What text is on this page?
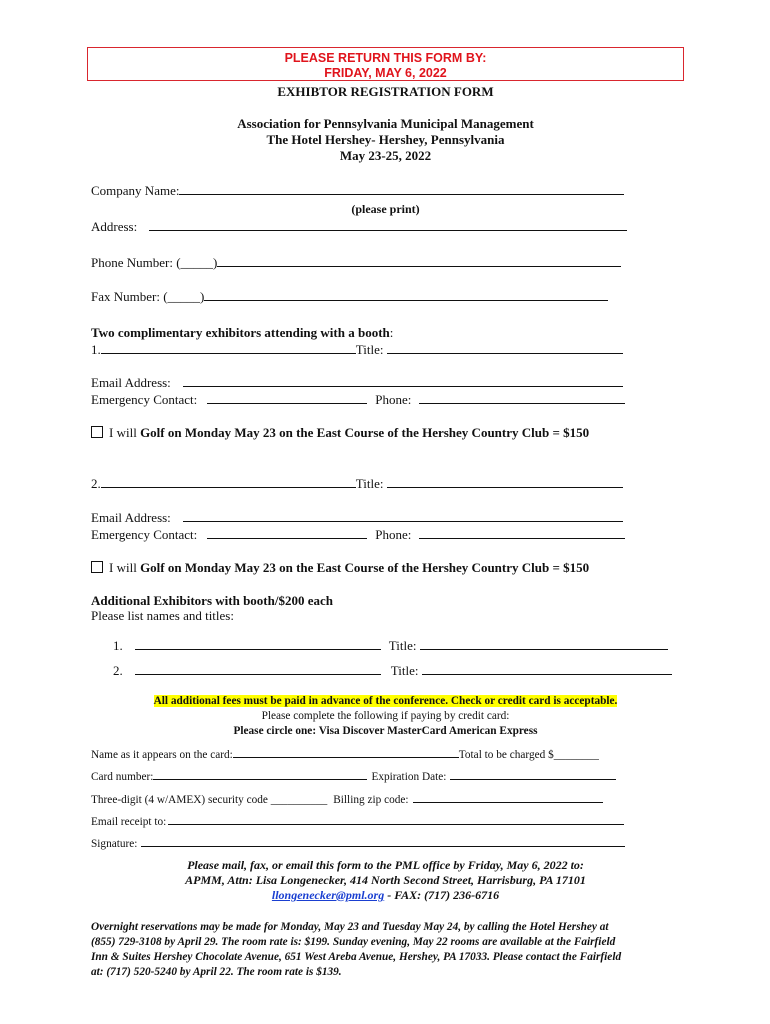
PLEASE RETURN THIS FORM BY:
FRIDAY, MAY 6, 2022
EXHIBTOR REGISTRATION FORM
Association for Pennsylvania Municipal Management
The Hotel Hershey- Hershey, Pennsylvania
May 23-25, 2022
Company Name:
(please print)
Address:
Phone Number: (_____)
Fax Number: (_____)
Two complimentary exhibitors attending with a booth:
1.	Title:
Email Address:
Emergency Contact:	Phone:
I will Golf on Monday May 23 on the East Course of the Hershey Country Club = $150
2.	Title:
Email Address:
Emergency Contact:	Phone:
I will Golf on Monday May 23 on the East Course of the Hershey Country Club = $150
Additional Exhibitors with booth/$200 each
Please list names and titles:
1.	Title:
2.	Title:
All additional fees must be paid in advance of the conference. Check or credit card is acceptable.
Please complete the following if paying by credit card:
Please circle one: Visa Discover MasterCard American Express
Name as it appears on the card:	Total to be charged $________
Card number:	Expiration Date:
Three-digit (4 w/AMEX) security code __________ Billing zip code:
Email receipt to:
Signature:
Please mail, fax, or email this form to the PML office by Friday, May 6, 2022 to:
APMM, Attn: Lisa Longenecker, 414 North Second Street, Harrisburg, PA 17101
llongenecker@pml.org - FAX: (717) 236-6716
Overnight reservations may be made for Monday, May 23 and Tuesday May 24, by calling the Hotel Hershey at
(855) 729-3108 by April 29. The room rate is: $199. Sunday evening, May 22 rooms are available at the Fairfield
Inn & Suites Hershey Chocolate Avenue, 651 West Areba Avenue, Hershey, PA 17033. Please contact the Fairfield
at: (717) 520-5240 by April 22. The room rate is $139.
